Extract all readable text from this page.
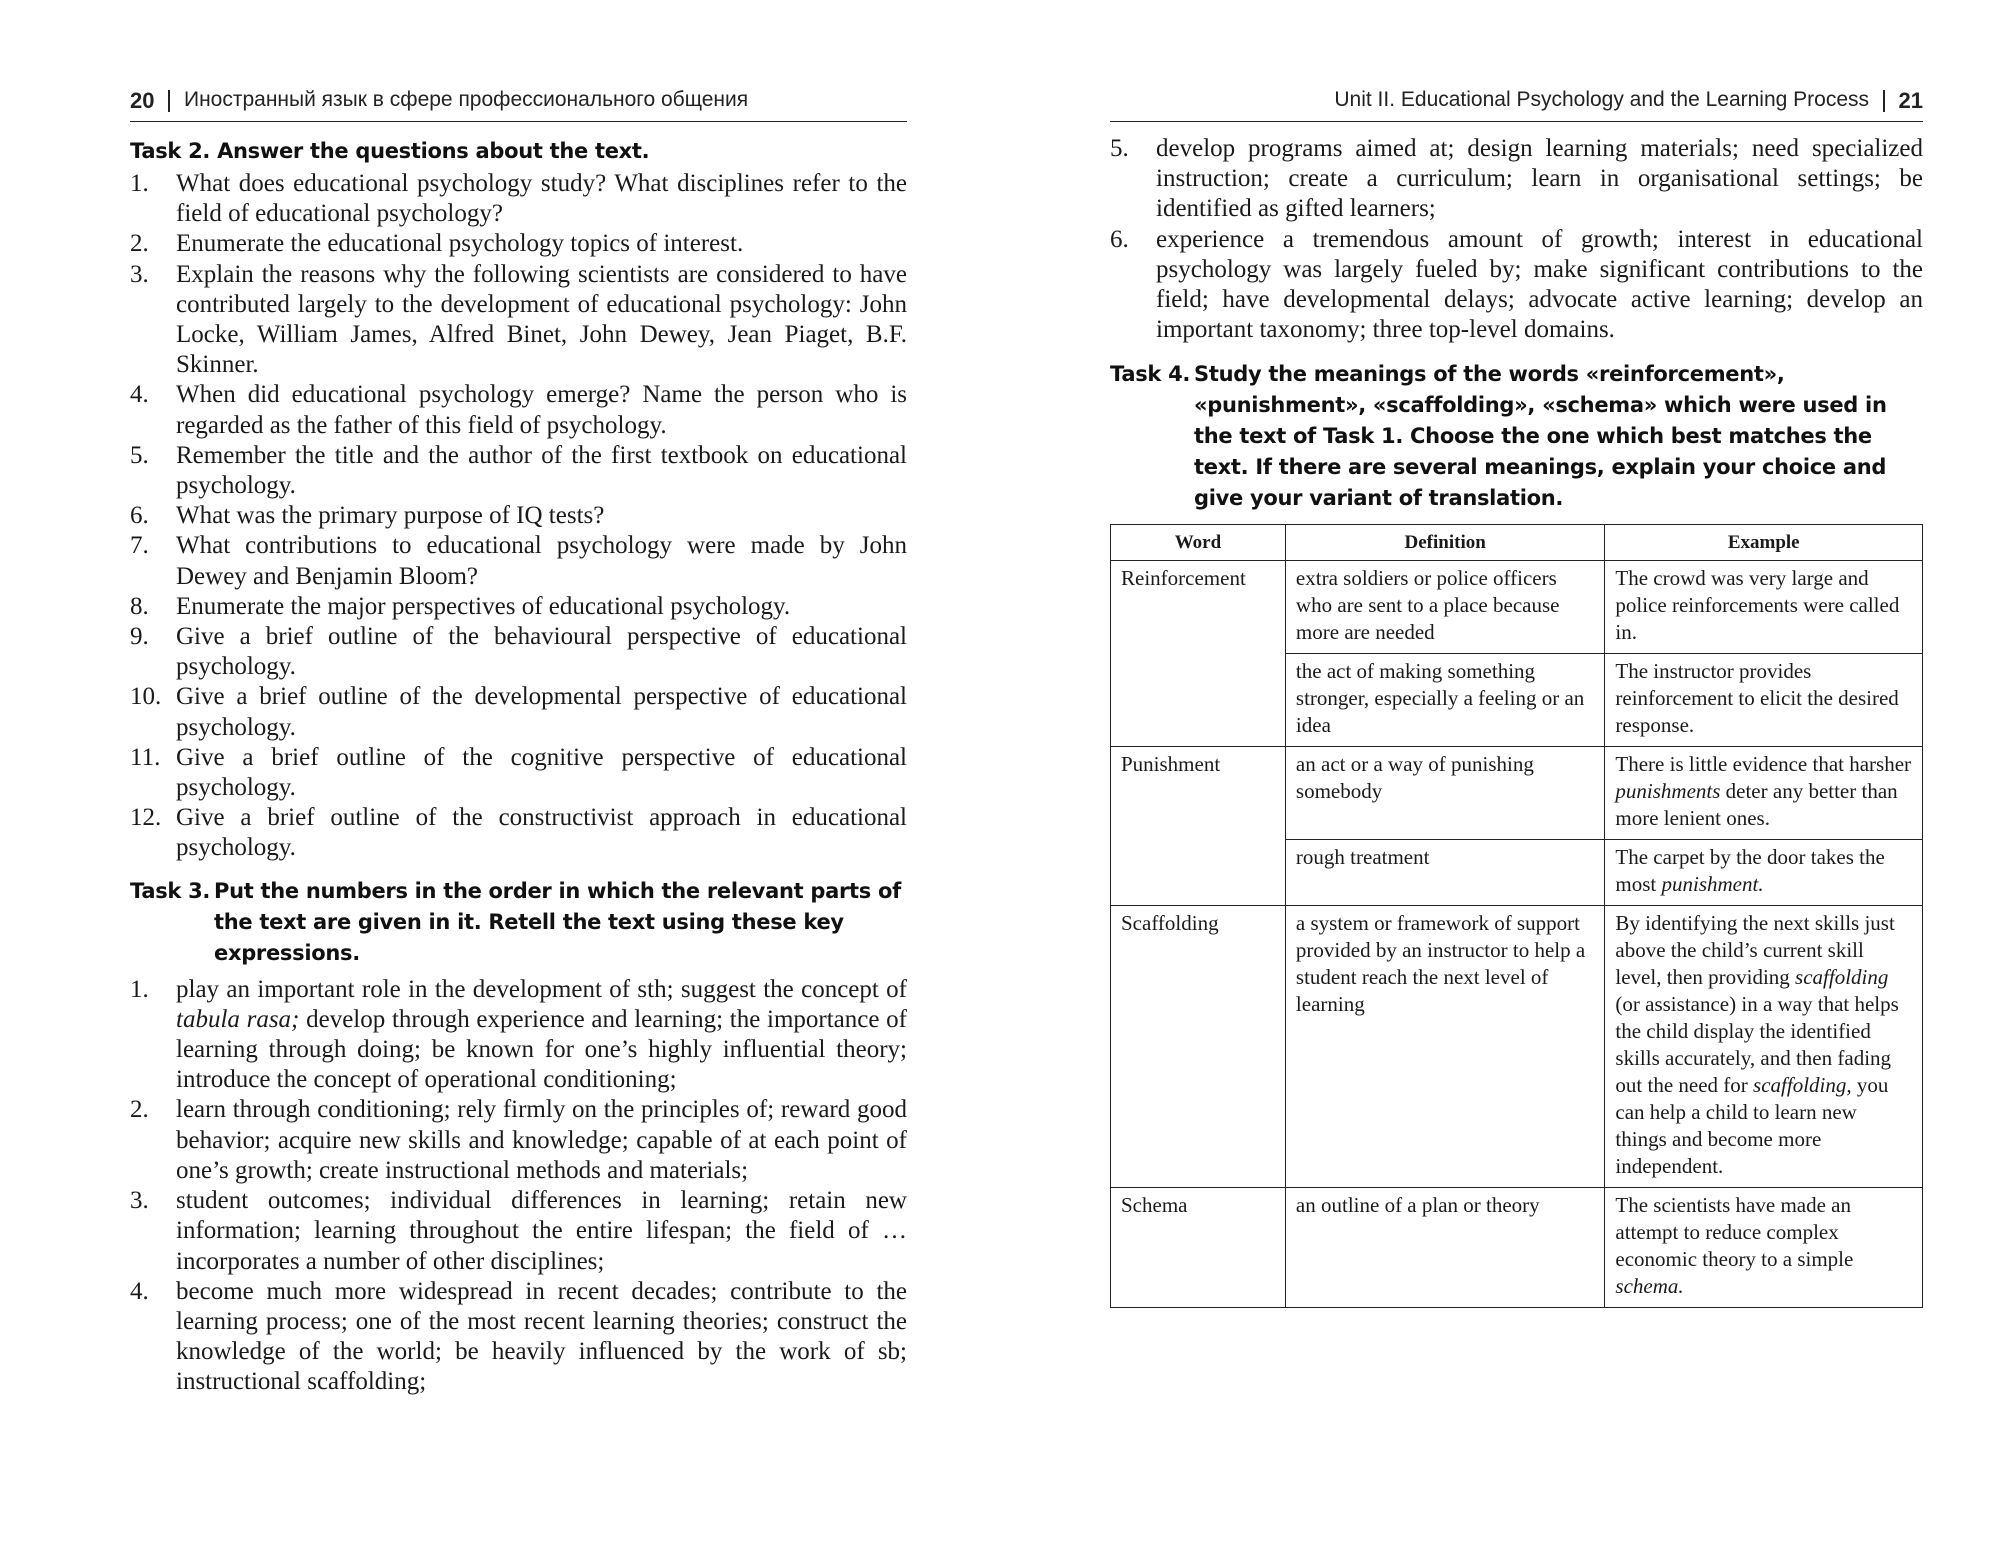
20 Иностранный язык в сфере профессионального общения
Task 2. Answer the questions about the text.
1. What does educational psychology study? What disciplines refer to the field of educational psychology?
2. Enumerate the educational psychology topics of interest.
3. Explain the reasons why the following scientists are considered to have contributed largely to the development of educational psychology: John Locke, William James, Alfred Binet, John Dewey, Jean Piaget, B.F. Skinner.
4. When did educational psychology emerge? Name the person who is regarded as the father of this field of psychology.
5. Remember the title and the author of the first textbook on educational psychology.
6. What was the primary purpose of IQ tests?
7. What contributions to educational psychology were made by John Dewey and Benjamin Bloom?
8. Enumerate the major perspectives of educational psychology.
9. Give a brief outline of the behavioural perspective of educational psychology.
10. Give a brief outline of the developmental perspective of educational psychology.
11. Give a brief outline of the cognitive perspective of educational psychology.
12. Give a brief outline of the constructivist approach in educational psychology.
Task 3. Put the numbers in the order in which the relevant parts of the text are given in it. Retell the text using these key expressions.
1. play an important role in the development of sth; suggest the concept of tabula rasa; develop through experience and learning; the importance of learning through doing; be known for one’s highly influential theory; introduce the concept of operational conditioning;
2. learn through conditioning; rely firmly on the principles of; reward good behavior; acquire new skills and knowledge; capable of at each point of one’s growth; create instructional methods and materials;
3. student outcomes; individual differences in learning; retain new information; learning throughout the entire lifespan; the field of … incorporates a number of other disciplines;
4. become much more widespread in recent decades; contribute to the learning process; one of the most recent learning theories; construct the knowledge of the world; be heavily influenced by the work of sb; instructional scaffolding;
Unit II. Educational Psychology and the Learning Process 21
5. develop programs aimed at; design learning materials; need specialized instruction; create a curriculum; learn in organisational settings; be identified as gifted learners;
6. experience a tremendous amount of growth; interest in educational psychology was largely fueled by; make significant contributions to the field; have developmental delays; advocate active learning; develop an important taxonomy; three top-level domains.
Task 4. Study the meanings of the words «reinforcement», «punishment», «scaffolding», «schema» which were used in the text of Task 1. Choose the one which best matches the text. If there are several meanings, explain your choice and give your variant of translation.
Word	Definition	Example
Reinforcement	extra soldiers or police officers who are sent to a place because more are needed	The crowd was very large and police reinforcements were called in.
	the act of making something stronger, especially a feeling or an idea	The instructor provides reinforcement to elicit the desired response.
Punishment	an act or a way of punishing somebody	There is little evidence that harsher punishments deter any better than more lenient ones.
	rough treatment	The carpet by the door takes the most punishment.
Scaffolding	a system or framework of support provided by an instructor to help a student reach the next level of learning	By identifying the next skills just above the child’s current skill level, then providing scaffolding (or assistance) in a way that helps the child display the identified skills accurately, and then fading out the need for scaffolding, you can help a child to learn new things and become more independent.
Schema	an outline of a plan or theory	The scientists have made an attempt to reduce complex economic theory to a simple schema.
